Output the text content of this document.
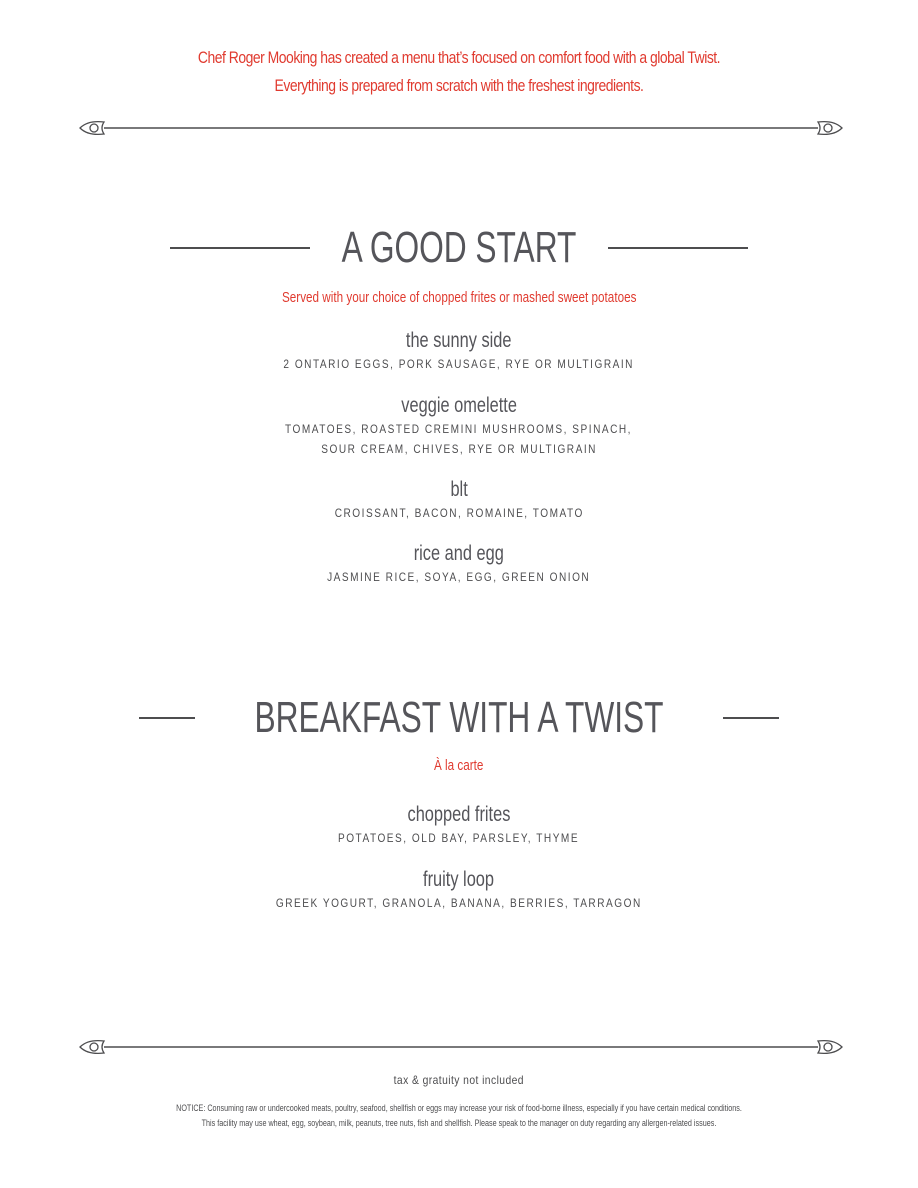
Chef Roger Mooking has created a menu that’s focused on comfort food with a global Twist.
Everything is prepared from scratch with the freshest ingredients.
A GOOD START
Served with your choice of chopped frites or mashed sweet potatoes
the sunny side
2 ONTARIO EGGS, PORK SAUSAGE, RYE OR MULTIGRAIN
veggie omelette
TOMATOES, ROASTED CREMINI MUSHROOMS, SPINACH,
SOUR CREAM, CHIVES, RYE OR MULTIGRAIN
blt
CROISSANT, BACON, ROMAINE, TOMATO
rice and egg
JASMINE RICE, SOYA, EGG, GREEN ONION
BREAKFAST WITH A TWIST
À la carte
chopped frites
POTATOES, OLD BAY, PARSLEY, THYME
fruity loop
GREEK YOGURT, GRANOLA, BANANA, BERRIES, TARRAGON
tax & gratuity not included
NOTICE: Consuming raw or undercooked meats, poultry, seafood, shellfish or eggs may increase your risk of food-borne illness, especially if you have certain medical conditions.
This facility may use wheat, egg, soybean, milk, peanuts, tree nuts, fish and shellfish. Please speak to the manager on duty regarding any allergen-related issues.
